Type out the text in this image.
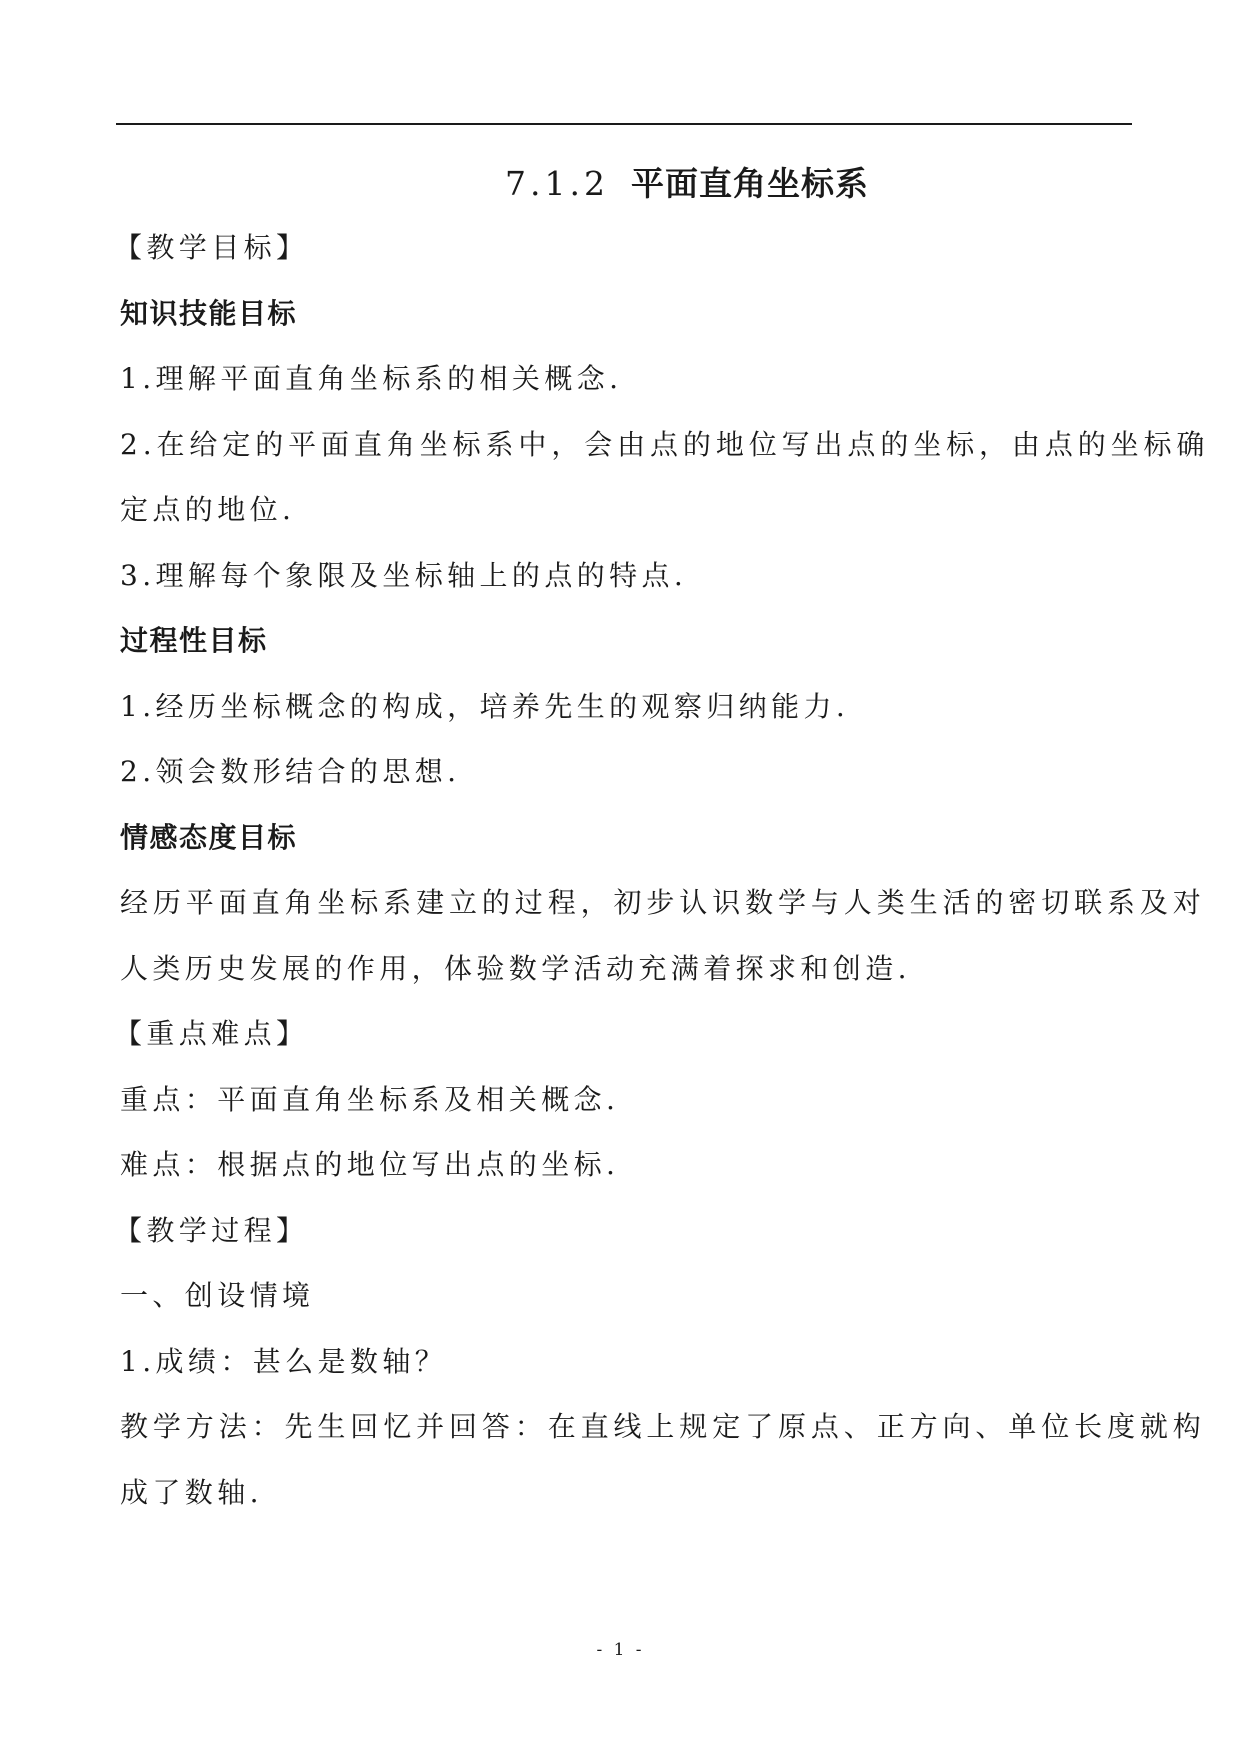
7.1.2 平面直角坐标系
【教学目标】
知识技能目标
1.理解平面直角坐标系的相关概念.
2.在给定的平面直角坐标系中，会由点的地位写出点的坐标，由点的坐标确
定点的地位.
3.理解每个象限及坐标轴上的点的特点.
过程性目标
1.经历坐标概念的构成，培养先生的观察归纳能力.
2.领会数形结合的思想.
情感态度目标
经历平面直角坐标系建立的过程，初步认识数学与人类生活的密切联系及对
人类历史发展的作用，体验数学活动充满着探求和创造.
【重点难点】
重点：平面直角坐标系及相关概念.
难点：根据点的地位写出点的坐标.
【教学过程】
一、创设情境
1.成绩：甚么是数轴？
教学方法：先生回忆并回答：在直线上规定了原点、正方向、单位长度就构
成了数轴.
- 1 -
